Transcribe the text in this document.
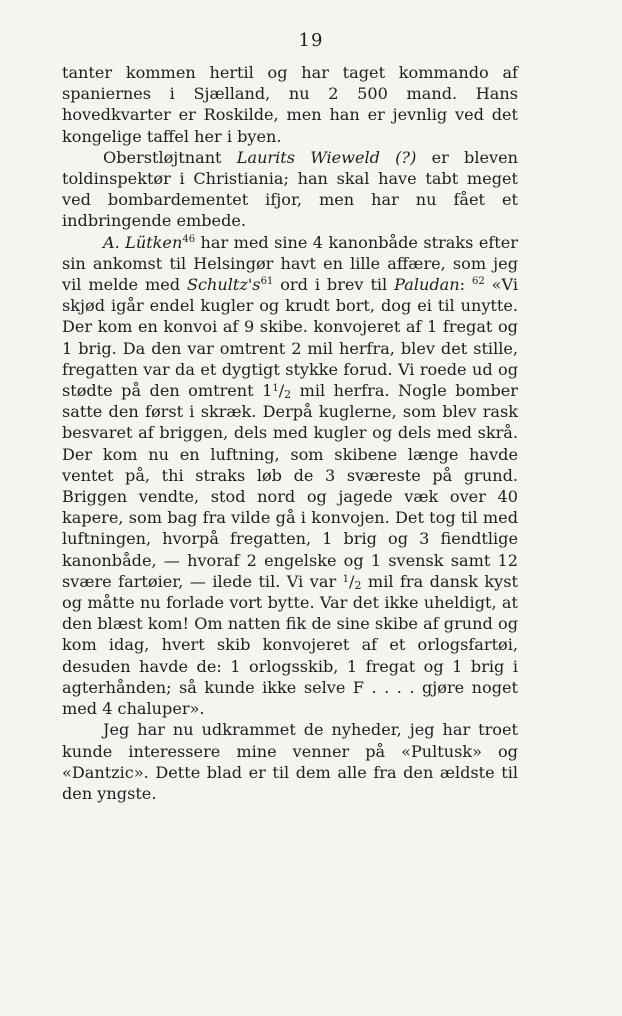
19

tanter kommen hertil og har taget kommando af spaniernes i Sjælland, nu 2 500 mand. Hans hovedkvarter er Roskilde, men han er jevnlig ved det kongelige taffel her i byen.

Oberstløjtnant Laurits Wieweld (?) er bleven toldinspektør i Christiania; han skal have tabt meget ved bombardementet ifjor, men har nu fået et indbringende embede.

A. Lütken$^{46}$ har med sine 4 kanonbåde straks efter sin ankomst til Helsingør havt en lille affære, som jeg vil melde med $Schultz's^{61}$ ord i brev til Paludan: $^{62}$ «Vi skjød igår endel kugler og krudt bort, dog ei til unytte. Der kom en konvoi af 9 skibe. konvojeret af 1 fregat og 1 brig. Da den var omtrent 2 mil herfra, blev det stille, fregatten var da et dygtigt stykke forud. Vi roede ud og stødte på den omtrent $1^1/_2$ mil herfra. Nogle bomber satte den først i skræk. Derpå kuglerne, som blev rask besvaret af briggen, dels med kugler og dels med skrå. Der kom nu en luftning, som skibene længe havde ventet på, thi straks løb de 3 sværeste på grund. Briggen vendte, stod nord og jagede væk over 40 kapere, som bag fra vilde gå i konvojen. Det tog til med luftningen, hvorpå fregatten, 1 brig og 3 fiendtlige kanonbåde, — hvoraf 2 engelske og 1 svensk samt 12 svære fartøier, — ilede til. Vi var $^1/_2$ mil fra dansk kyst og måtte nu forlade vort bytte. Var det ikke uheldigt, at den blæst kom! Om natten fik de sine skibe af grund og kom idag, hvert skib konvojeret af et orlogsfartøi, desuden havde de: 1 orlogsskib, 1 fregat og 1 brig i agterhånden; så kunde ikke selve F . . . . gjøre noget med 4 chaluper».

Jeg har nu udkrammet de nyheder, jeg har troet kunde interessere mine venner på «Pultusk» og «Dantzic». Dette blad er til dem alle fra den ældste til den yngste.
